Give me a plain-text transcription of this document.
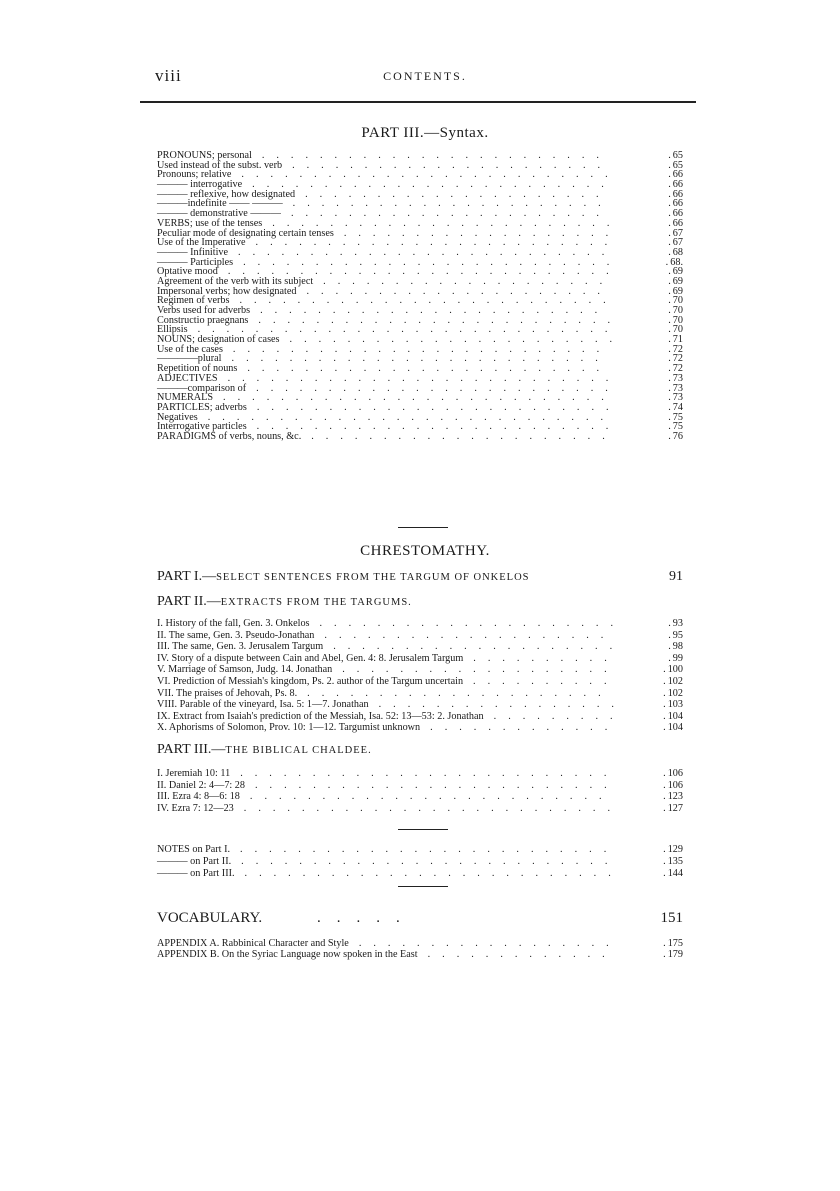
viii	CONTENTS.
PART III.—Syntax.
PRONOUNS; personal ........................	. 65
Used instead of the subst. verb ......................	. 65
Pronouns; relative ..........................	. 66
——— interrogative .........................	. 66
——— reflexive, how designated .....................	. 66
———indefinite —— ——— ......................	. 66
——— demonstrative ——— ......................	. 66
VERBS; use of the tenses ........................	. 66
Peculiar mode of designating certain tenses ...................	. 67
Use of the Imperative .........................	. 67
——— Infinitive ..........................	. 68
——— Participles ..........................	. 68.
Optative mood ...........................	. 69
Agreement of the verb with its subject ....................	. 69
Impersonal verbs; how designated .....................	. 69
Regimen of verbs ..........................	. 70
Verbs used for adverbs ........................	. 70
Constructio praegnans .........................	. 70
Ellipsis .............................	. 70
NOUNS; designation of cases .......................	. 71
Use of the cases ..........................	. 72
————plural ..........................	. 72
Repetition of nouns .........................	. 72
ADJECTIVES ...........................	. 73
———comparison of .........................	. 73
NUMERALS ...........................	. 73
PARTICLES; adverbs .........................	. 74
Negatives ............................	. 75
Interrogative particles .........................	. 75
PARADIGMS of verbs, nouns, &c. .....................	. 76
CHRESTOMATHY.
PART I.—SELECT SENTENCES FROM THE TARGUM OF ONKELOS	91
PART II.—EXTRACTS FROM THE TARGUMS.
I. History of the fall, Gen. 3. Onkelos .....................	. 93
II. The same, Gen. 3. Pseudo-Jonathan ....................	. 95
III. The same, Gen. 3. Jerusalem Targum ....................	. 98
IV. Story of a dispute between Cain and Abel, Gen. 4: 8. Jerusalem Targum ..........	. 99
V. Marriage of Samson, Judg. 14. Jonathan ...................	. 100
VI. Prediction of Messiah's kingdom, Ps. 2. author of the Targum uncertain ..........	. 102
VII. The praises of Jehovah, Ps. 8. .....................	. 102
VIII. Parable of the vineyard, Isa. 5: 1—7. Jonathan .................	. 103
IX. Extract from Isaiah's prediction of the Messiah, Isa. 52: 13—53: 2. Jonathan .........	. 104
X. Aphorisms of Solomon, Prov. 10: 1—12. Targumist unknown .............	. 104
PART III.—THE BIBLICAL CHALDEE.
I. Jeremiah 10: 11 ..........................	. 106
II. Daniel 2: 4—7: 28 .........................	. 106
III. Ezra 4: 8—6: 18 .........................	. 123
IV. Ezra 7: 12—23 ..........................	. 127
NOTES on Part I. ..........................	. 129
——— on Part II. ..........................	. 135
——— on Part III. ..........................	. 144
VOCABULARY.	.....	151
APPENDIX A. Rabbinical Character and Style ..................	. 175
APPENDIX B. On the Syriac Language now spoken in the East .............	. 179
